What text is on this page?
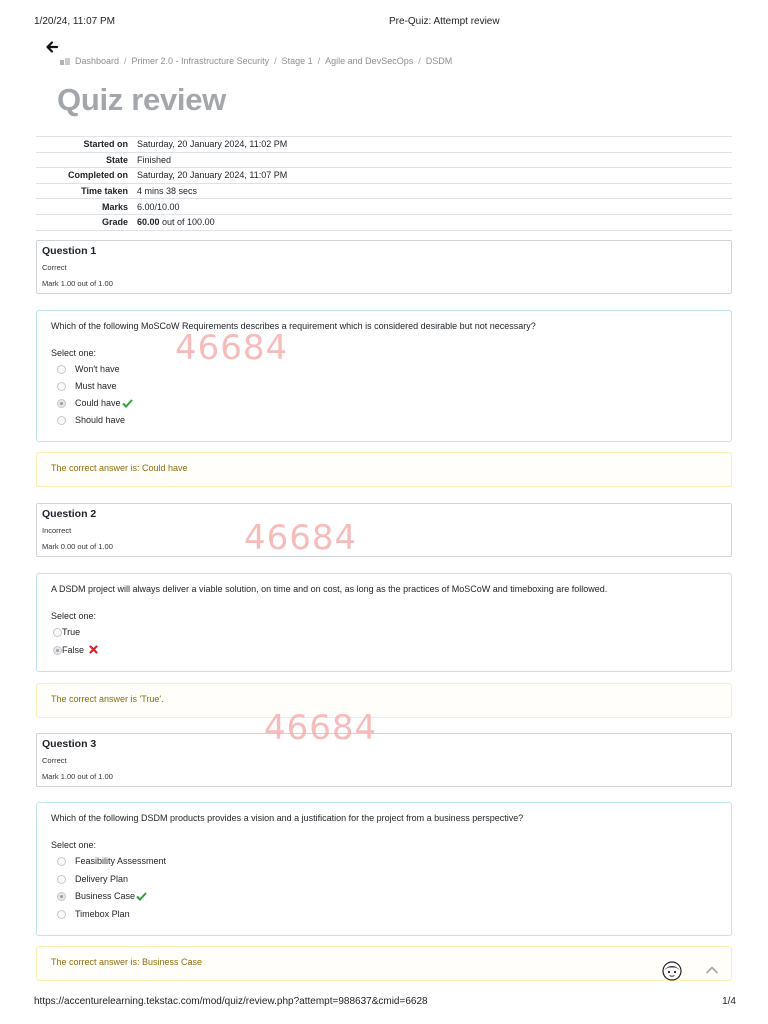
1/20/24, 11:07 PM	Pre-Quiz: Attempt review
Dashboard / Primer 2.0 - Infrastructure Security / Stage 1 / Agile and DevSecOps / DSDM
Quiz review
Started on	Saturday, 20 January 2024, 11:02 PM
State	Finished
Completed on	Saturday, 20 January 2024, 11:07 PM
Time taken	4 mins 38 secs
Marks	6.00/10.00
Grade	60.00 out of 100.00
Question 1
Correct
Mark 1.00 out of 1.00
Which of the following MoSCoW Requirements describes a requirement which is considered desirable but not necessary?
Select one:
Won't have
Must have
Could have
Should have
The correct answer is: Could have
Question 2
Incorrect
Mark 0.00 out of 1.00
A DSDM project will always deliver a viable solution, on time and on cost, as long as the practices of MoSCoW and timeboxing are followed.
Select one:
True
False
The correct answer is 'True'.
Question 3
Correct
Mark 1.00 out of 1.00
Which of the following DSDM products provides a vision and a justification for the project from a business perspective?
Select one:
Feasibility Assessment
Delivery Plan
Business Case
Timebox Plan
The correct answer is: Business Case
46684
46684
46684
https://accenturelearning.tekstac.com/mod/quiz/review.php?attempt=988637&cmid=6628	1/4
